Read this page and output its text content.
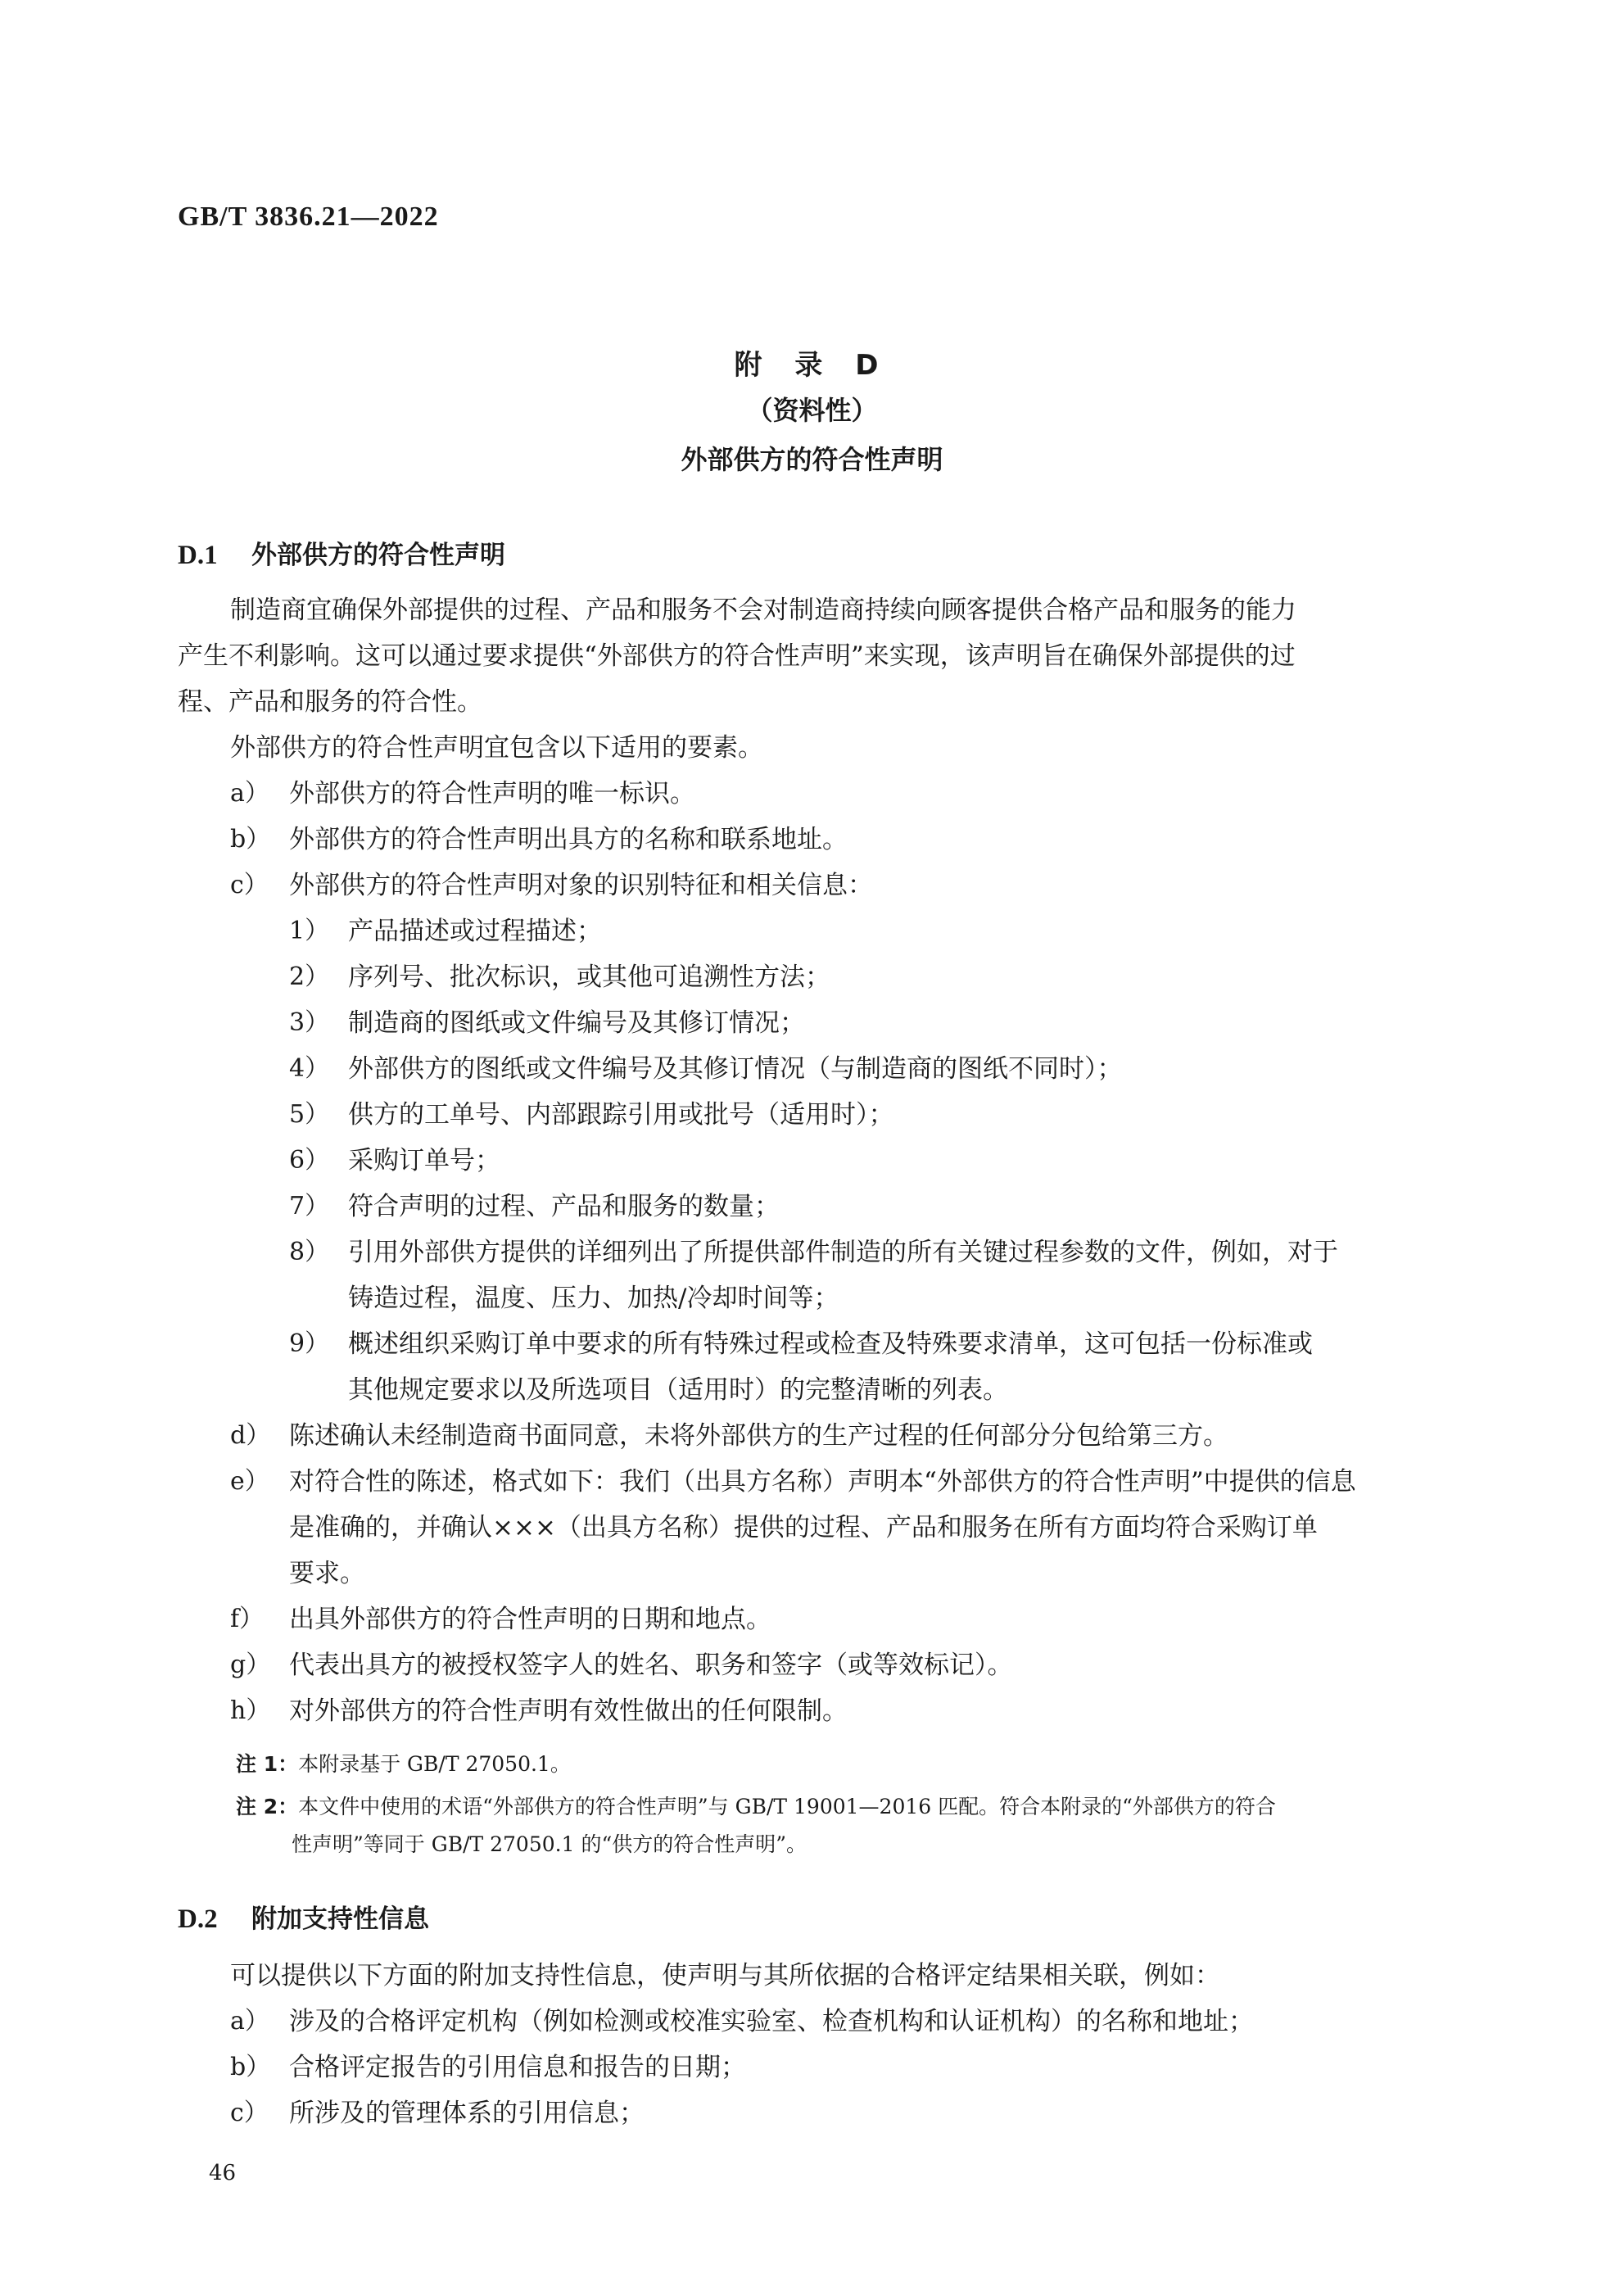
GB/T 3836.21—2022
附 录 D
（资料性）
外部供方的符合性声明
D.1 外部供方的符合性声明
制造商宜确保外部提供的过程、产品和服务不会对制造商持续向顾客提供合格产品和服务的能力
产生不利影响。这可以通过要求提供“外部供方的符合性声明”来实现，该声明旨在确保外部提供的过
程、产品和服务的符合性。
外部供方的符合性声明宜包含以下适用的要素。
a） 外部供方的符合性声明的唯一标识。
b） 外部供方的符合性声明出具方的名称和联系地址。
c） 外部供方的符合性声明对象的识别特征和相关信息：
1） 产品描述或过程描述；
2） 序列号、批次标识，或其他可追溯性方法；
3） 制造商的图纸或文件编号及其修订情况；
4） 外部供方的图纸或文件编号及其修订情况（与制造商的图纸不同时）；
5） 供方的工单号、内部跟踪引用或批号（适用时）；
6） 采购订单号；
7） 符合声明的过程、产品和服务的数量；
8） 引用外部供方提供的详细列出了所提供部件制造的所有关键过程参数的文件，例如，对于
铸造过程，温度、压力、加热/冷却时间等；
9） 概述组织采购订单中要求的所有特殊过程或检查及特殊要求清单，这可包括一份标准或
其他规定要求以及所选项目（适用时）的完整清晰的列表。
d） 陈述确认未经制造商书面同意，未将外部供方的生产过程的任何部分分包给第三方。
e） 对符合性的陈述，格式如下：我们（出具方名称）声明本“外部供方的符合性声明”中提供的信息
是准确的，并确认×××（出具方名称）提供的过程、产品和服务在所有方面均符合采购订单
要求。
f） 出具外部供方的符合性声明的日期和地点。
g） 代表出具方的被授权签字人的姓名、职务和签字（或等效标记）。
h） 对外部供方的符合性声明有效性做出的任何限制。
注 1：本附录基于 GB/T 27050.1。
注 2：本文件中使用的术语“外部供方的符合性声明”与 GB/T 19001—2016 匹配。符合本附录的“外部供方的符合
性声明”等同于 GB/T 27050.1 的“供方的符合性声明”。
D.2 附加支持性信息
可以提供以下方面的附加支持性信息，使声明与其所依据的合格评定结果相关联，例如：
a） 涉及的合格评定机构（例如检测或校准实验室、检查机构和认证机构）的名称和地址；
b） 合格评定报告的引用信息和报告的日期；
c） 所涉及的管理体系的引用信息；
46
